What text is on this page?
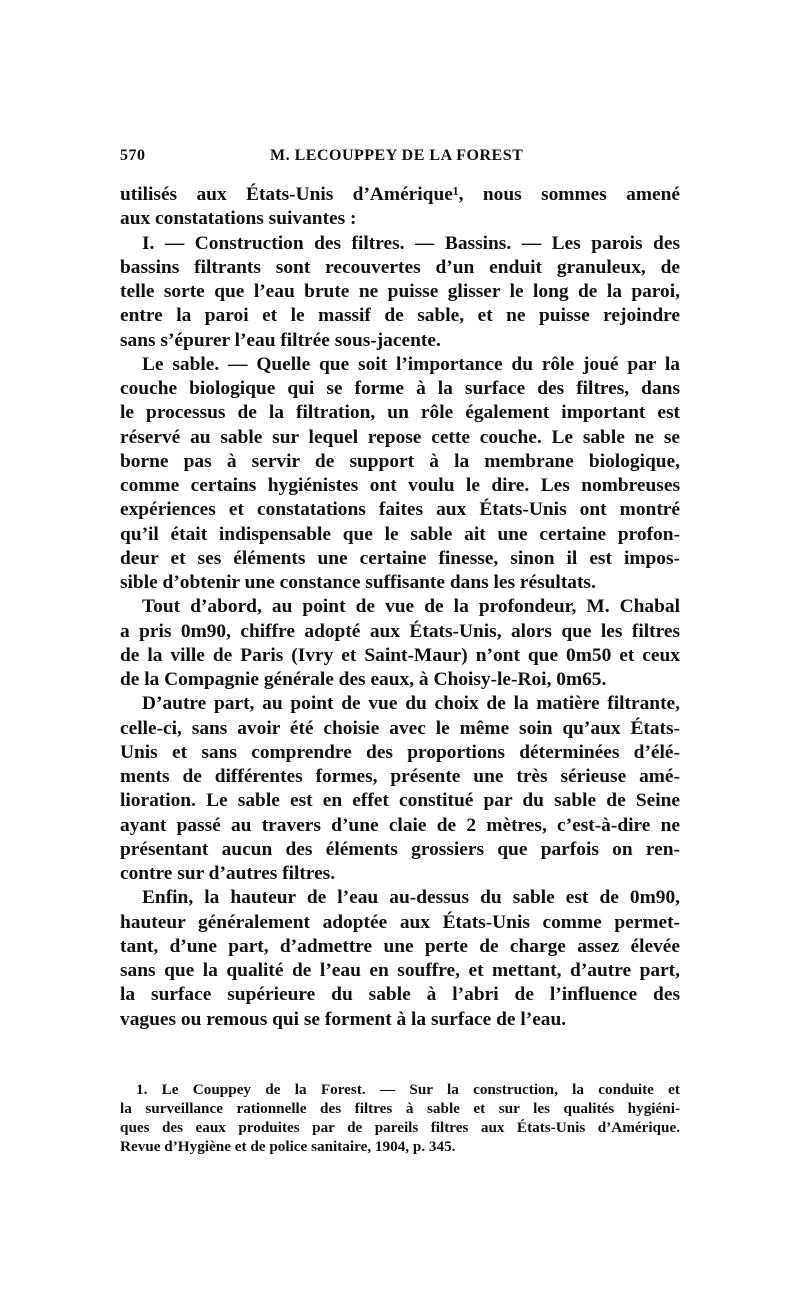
570	M. LECOUPPEY DE LA FOREST
utilisés aux États-Unis d’Amérique¹, nous sommes amené
aux constatations suivantes :
I. — Construction des filtres. — Bassins. — Les parois des
bassins filtrants sont recouvertes d’un enduit granuleux, de
telle sorte que l’eau brute ne puisse glisser le long de la paroi,
entre la paroi et le massif de sable, et ne puisse rejoindre
sans s’épurer l’eau filtrée sous-jacente.
Le sable. — Quelle que soit l’importance du rôle joué par la
couche biologique qui se forme à la surface des filtres, dans
le processus de la filtration, un rôle également important est
réservé au sable sur lequel repose cette couche. Le sable ne se
borne pas à servir de support à la membrane biologique,
comme certains hygiénistes ont voulu le dire. Les nombreuses
expériences et constatations faites aux États-Unis ont montré
qu’il était indispensable que le sable ait une certaine profon-
deur et ses éléments une certaine finesse, sinon il est impos-
sible d’obtenir une constance suffisante dans les résultats.
Tout d’abord, au point de vue de la profondeur, M. Chabal
a pris 0m90, chiffre adopté aux États-Unis, alors que les filtres
de la ville de Paris (Ivry et Saint-Maur) n’ont que 0m50 et ceux
de la Compagnie générale des eaux, à Choisy-le-Roi, 0m65.
D’autre part, au point de vue du choix de la matière filtrante,
celle-ci, sans avoir été choisie avec le même soin qu’aux États-
Unis et sans comprendre des proportions déterminées d’élé-
ments de différentes formes, présente une très sérieuse amé-
lioration. Le sable est en effet constitué par du sable de Seine
ayant passé au travers d’une claie de 2 mètres, c’est-à-dire ne
présentant aucun des éléments grossiers que parfois on ren-
contre sur d’autres filtres.
Enfin, la hauteur de l’eau au-dessus du sable est de 0m90,
hauteur généralement adoptée aux États-Unis comme permet-
tant, d’une part, d’admettre une perte de charge assez élevée
sans que la qualité de l’eau en souffre, et mettant, d’autre part,
la surface supérieure du sable à l’abri de l’influence des
vagues ou remous qui se forment à la surface de l’eau.
1. Le Couppey de la Forest. — Sur la construction, la conduite et
la surveillance rationnelle des filtres à sable et sur les qualités hygiéni-
ques des eaux produites par de pareils filtres aux États-Unis d’Amérique.
Revue d’Hygiène et de police sanitaire, 1904, p. 345.
